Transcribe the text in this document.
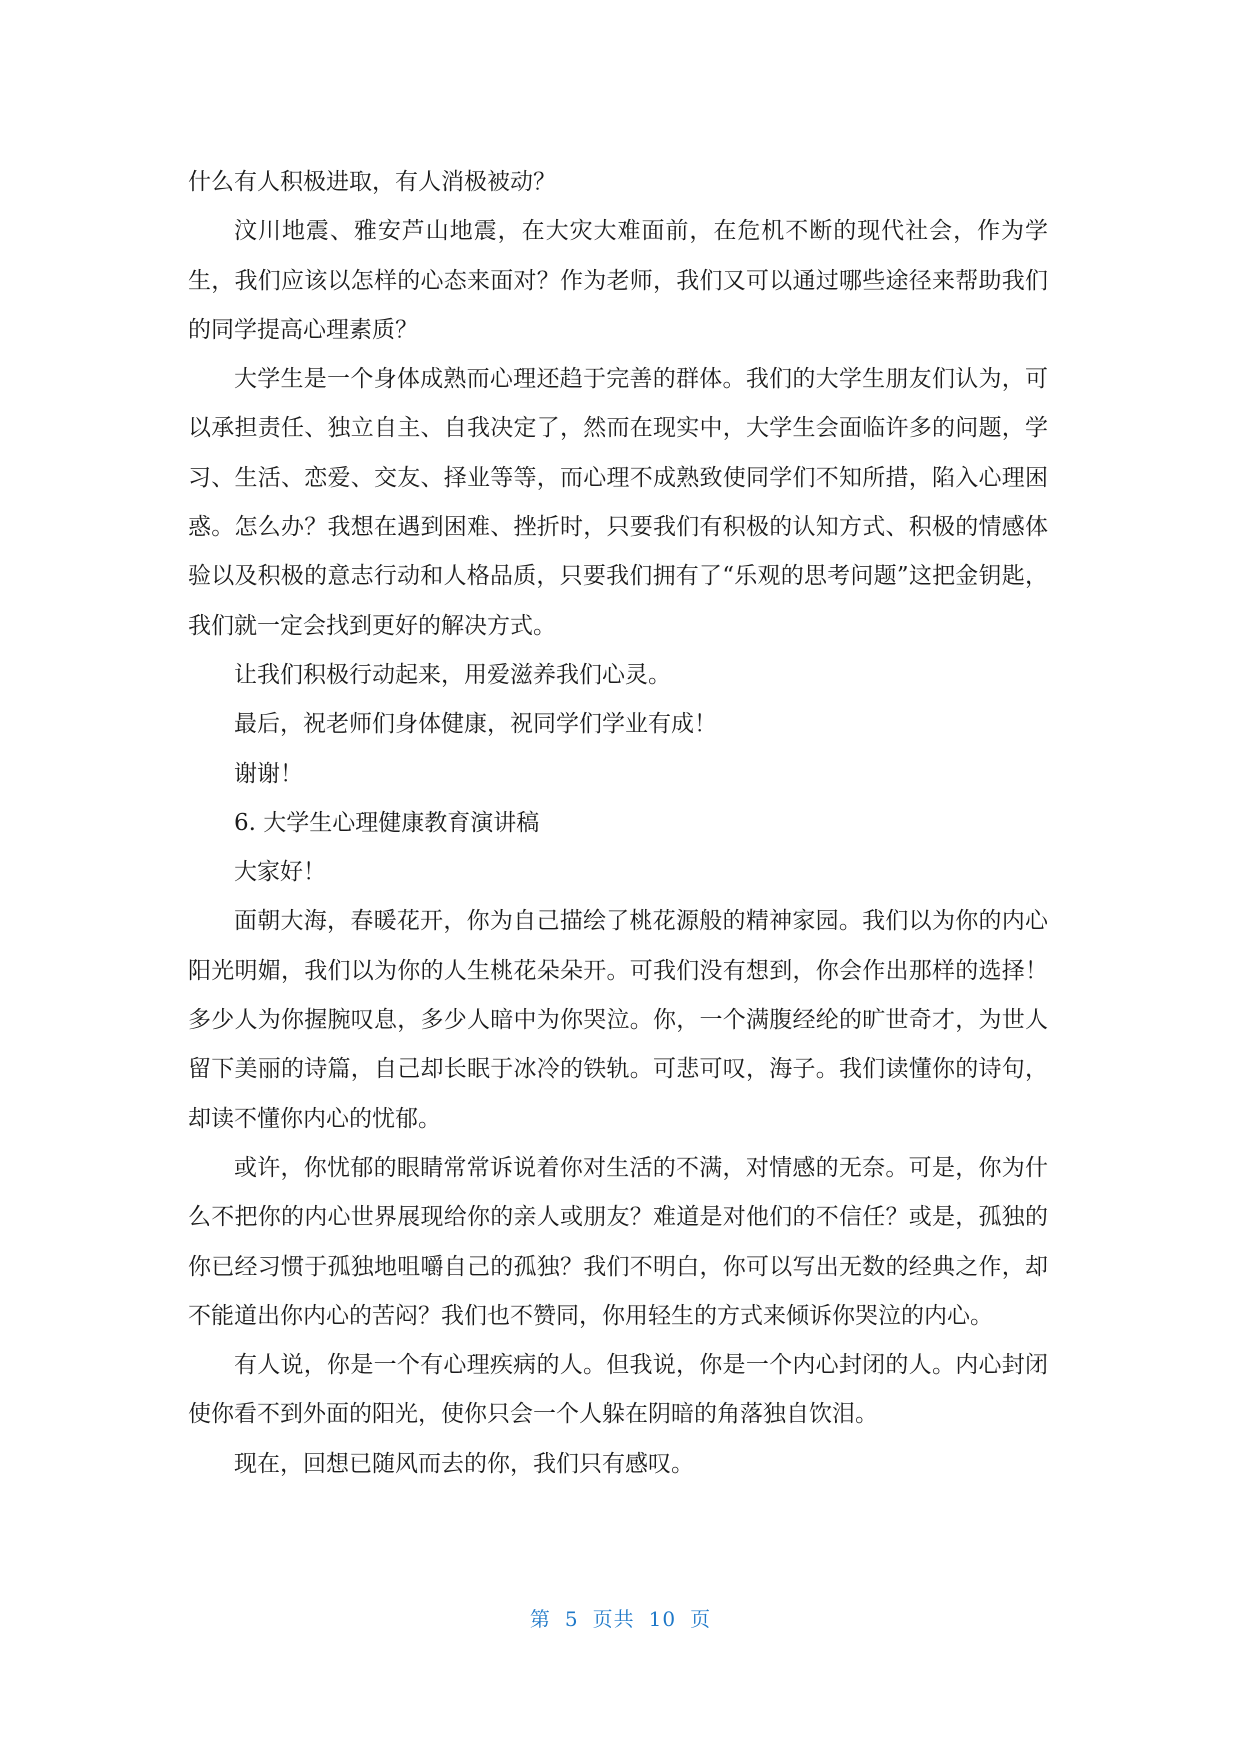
什么有人积极进取，有人消极被动？

汶川地震、雅安芦山地震，在大灾大难面前，在危机不断的现代社会，作为学生，我们应该以怎样的心态来面对？作为老师，我们又可以通过哪些途径来帮助我们的同学提高心理素质？

大学生是一个身体成熟而心理还趋于完善的群体。我们的大学生朋友们认为，可以承担责任、独立自主、自我决定了，然而在现实中，大学生会面临许多的问题，学习、生活、恋爱、交友、择业等等，而心理不成熟致使同学们不知所措，陷入心理困惑。怎么办？我想在遇到困难、挫折时，只要我们有积极的认知方式、积极的情感体验以及积极的意志行动和人格品质，只要我们拥有了“乐观的思考问题”这把金钥匙，我们就一定会找到更好的解决方式。

让我们积极行动起来，用爱滋养我们心灵。

最后，祝老师们身体健康，祝同学们学业有成！

谢谢！

6. 大学生心理健康教育演讲稿

大家好！

面朝大海，春暖花开，你为自己描绘了桃花源般的精神家园。我们以为你的内心阳光明媚，我们以为你的人生桃花朵朵开。可我们没有想到，你会作出那样的选择！多少人为你握腕叹息，多少人暗中为你哭泣。你，一个满腹经纶的旷世奇才，为世人留下美丽的诗篇，自己却长眠于冰冷的铁轨。可悲可叹，海子。我们读懂你的诗句，却读不懂你内心的忧郁。

或许，你忧郁的眼睛常常诉说着你对生活的不满，对情感的无奈。可是，你为什么不把你的内心世界展现给你的亲人或朋友？难道是对他们的不信任？或是，孤独的你已经习惯于孤独地咀嚼自己的孤独？我们不明白，你可以写出无数的经典之作，却不能道出你内心的苦闷？我们也不赞同，你用轻生的方式来倾诉你哭泣的内心。

有人说，你是一个有心理疾病的人。但我说，你是一个内心封闭的人。内心封闭使你看不到外面的阳光，使你只会一个人躲在阴暗的角落独自饮泪。

现在，回想已随风而去的你，我们只有感叹。

第 5 页共 10 页
